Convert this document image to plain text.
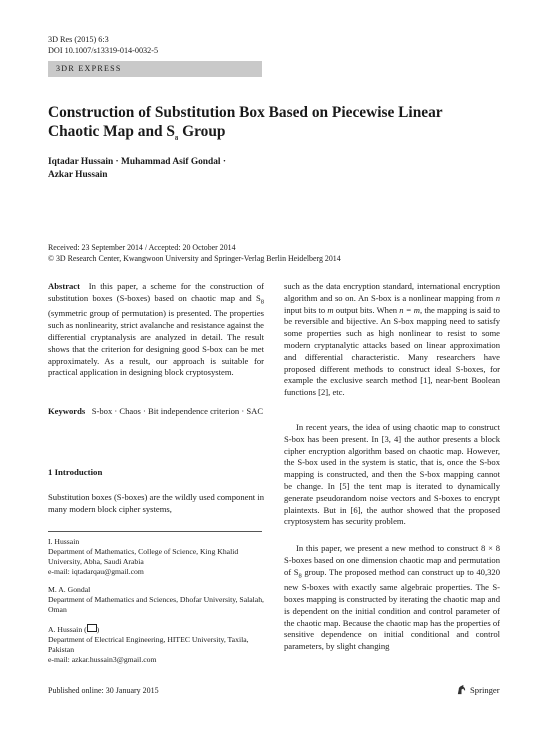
3D Res (2015) 6:3
DOI 10.1007/s13319-014-0032-5
3DR EXPRESS
Construction of Substitution Box Based on Piecewise Linear
Chaotic Map and $S_8$ Group
Iqtadar Hussain · Muhammad Asif Gondal ·
Azkar Hussain
Received: 23 September 2014 / Accepted: 20 October 2014
© 3D Research Center, Kwangwoon University and Springer-Verlag Berlin Heidelberg 2014
Abstract In this paper, a scheme for the construction of substitution boxes (S-boxes) based on chaotic map and $S_8$ (symmetric group of permutation) is presented. The properties such as nonlinearity, strict avalanche and resistance against the differential cryptanalysis are analyzed in detail. The result shows that the criterion for designing good S-box can be met approximately. As a result, our approach is suitable for practical application in designing block cryptosystem.
Keywords S-box · Chaos · Bit independence criterion · SAC
1 Introduction
Substitution boxes (S-boxes) are the wildly used component in many modern block cipher systems,
I. Hussain
Department of Mathematics, College of Science, King Khalid University, Abha, Saudi Arabia
e-mail: iqtadarqau@gmail.com
M. A. Gondal
Department of Mathematics and Sciences, Dhofar University, Salalah, Oman
A. Hussain ( )
Department of Electrical Engineering, HITEC University, Taxila, Pakistan
e-mail: azkar.hussain3@gmail.com
such as the data encryption standard, international encryption algorithm and so on. An S-box is a nonlinear mapping from n input bits to m output bits. When n = m, the mapping is said to be reversible and bijective. An S-box mapping need to satisfy some properties such as high nonlinear to resist to some modern cryptanalytic attacks based on linear approximation and differential characteristic. Many researchers have proposed different methods to construct ideal S-boxes, for example the exclusive search method [1], near-bent Boolean functions [2], etc.
In recent years, the idea of using chaotic map to construct S-box has been present. In [3, 4] the author presents a block cipher encryption algorithm based on chaotic map. However, the S-box used in the system is static, that is, once the S-box mapping is constructed, and then the S-box mapping cannot be change. In [5] the tent map is iterated to dynamically generate pseudorandom noise vectors and S-boxes to encrypt plaintexts. But in [6], the author showed that the proposed cryptosystem has security problem.
In this paper, we present a new method to construct 8 × 8 S-boxes based on one dimension chaotic map and permutation of $S_8$ group. The proposed method can construct up to 40,320 new S-boxes with exactly same algebraic properties. The S-boxes mapping is constructed by iterating the chaotic map and is dependent on the initial condition and control parameter of the chaotic map. Because the chaotic map has the properties of sensitive dependence on initial conditional and control parameters, by slight changing
Published online: 30 January 2015	Springer
